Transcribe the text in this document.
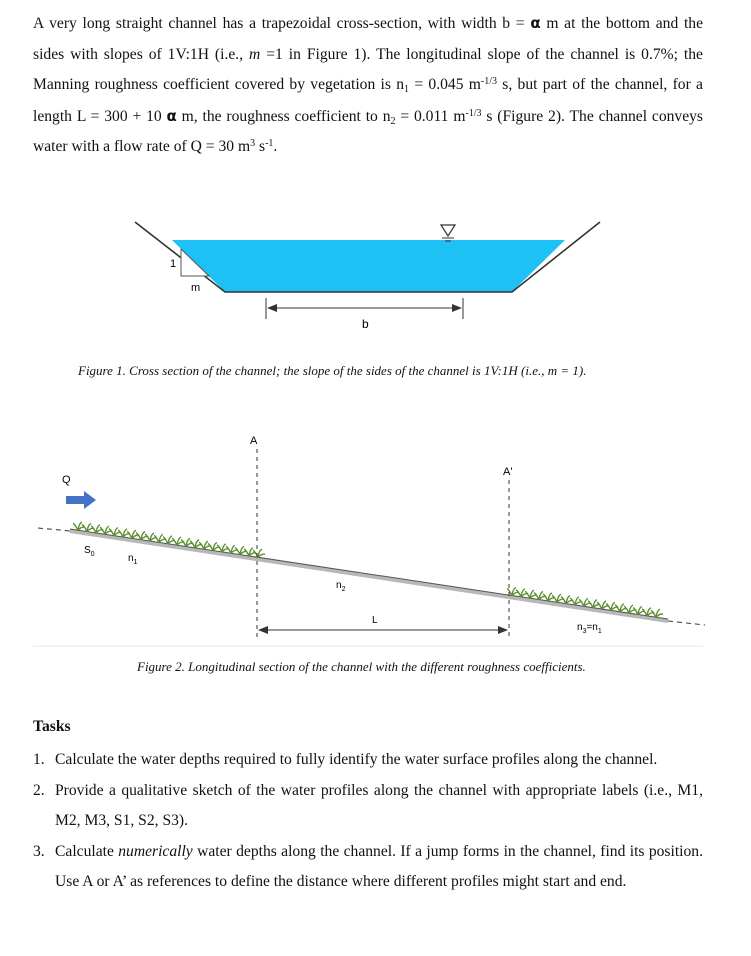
A very long straight channel has a trapezoidal cross-section, with width b = α m at the bottom and the sides with slopes of 1V:1H (i.e., m =1 in Figure 1). The longitudinal slope of the channel is 0.7%; the Manning roughness coefficient covered by vegetation is $n_1 = 0.045$ $m^{-1/3}$ s, but part of the channel, for a length L = 300 + 10 α m, the roughness coefficient to $n_2 = 0.011$ $m^{-1/3}$ s (Figure 2). The channel conveys water with a flow rate of Q = 30 $m^3$ $s^{-1}$.
1
m
b
Figure 1. Cross section of the channel; the slope of the sides of the channel is 1V:1H (i.e., m = 1).
Q
A
A'
L
$S_0$	$n_1$
$n_2$
$n_3=n_1$
Figure 2. Longitudinal section of the channel with the different roughness coefficients.
Tasks
1. Calculate the water depths required to fully identify the water surface profiles along the channel.
2. Provide a qualitative sketch of the water profiles along the channel with appropriate labels (i.e., M1, M2, M3, S1, S2, S3).
3. Calculate numerically water depths along the channel. If a jump forms in the channel, find its position. Use A or A’ as references to define the distance where different profiles might start and end.
